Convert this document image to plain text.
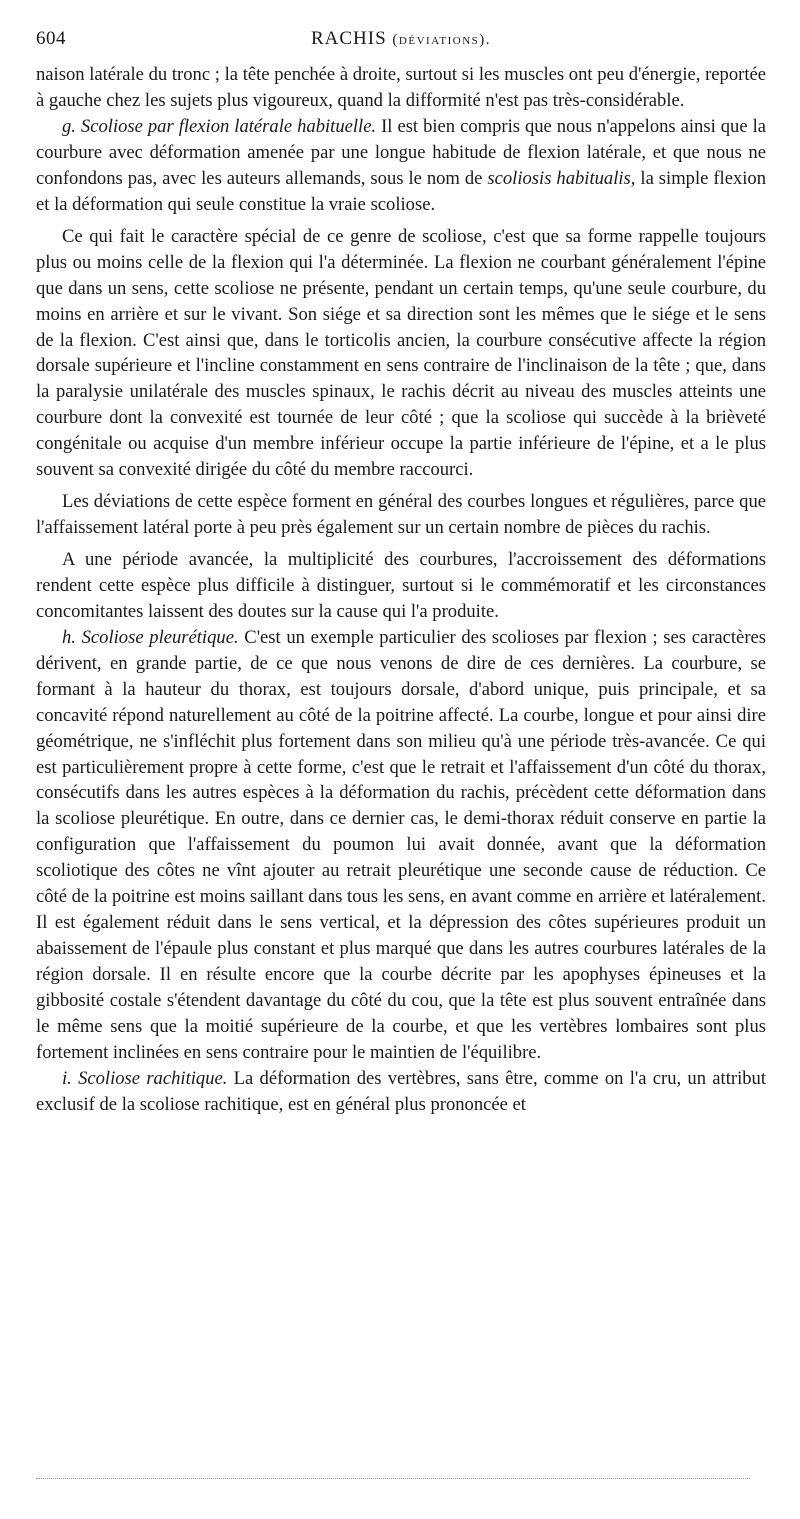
604	RACHIS (déviations).

naison latérale du tronc ; la tête penchée à droite, surtout si les muscles ont peu d'énergie, reportée à gauche chez les sujets plus vigoureux, quand la difformité n'est pas très-considérable.

g. Scoliose par flexion latérale habituelle. Il est bien compris que nous n'appelons ainsi que la courbure avec déformation amenée par une longue habitude de flexion latérale, et que nous ne confondons pas, avec les auteurs allemands, sous le nom de scoliosis habitualis, la simple flexion et la déformation qui seule constitue la vraie scoliose.

Ce qui fait le caractère spécial de ce genre de scoliose, c'est que sa forme rappelle toujours plus ou moins celle de la flexion qui l'a déterminée. La flexion ne courbant généralement l'épine que dans un sens, cette scoliose ne présente, pendant un certain temps, qu'une seule courbure, du moins en arrière et sur le vivant. Son siége et sa direction sont les mêmes que le siége et le sens de la flexion. C'est ainsi que, dans le torticolis ancien, la courbure consécutive affecte la région dorsale supérieure et l'incline constamment en sens contraire de l'inclinaison de la tête ; que, dans la paralysie unilatérale des muscles spinaux, le rachis décrit au niveau des muscles atteints une courbure dont la convexité est tournée de leur côté ; que la scoliose qui succède à la brièveté congénitale ou acquise d'un membre inférieur occupe la partie inférieure de l'épine, et a le plus souvent sa convexité dirigée du côté du membre raccourci.

Les déviations de cette espèce forment en général des courbes longues et régulières, parce que l'affaissement latéral porte à peu près également sur un certain nombre de pièces du rachis.

A une période avancée, la multiplicité des courbures, l'accroissement des déformations rendent cette espèce plus difficile à distinguer, surtout si le commémoratif et les circonstances concomitantes laissent des doutes sur la cause qui l'a produite.

h. Scoliose pleurétique. C'est un exemple particulier des scolioses par flexion ; ses caractères dérivent, en grande partie, de ce que nous venons de dire de ces dernières. La courbure, se formant à la hauteur du thorax, est toujours dorsale, d'abord unique, puis principale, et sa concavité répond naturellement au côté de la poitrine affecté. La courbe, longue et pour ainsi dire géométrique, ne s'infléchit plus fortement dans son milieu qu'à une période très-avancée. Ce qui est particulièrement propre à cette forme, c'est que le retrait et l'affaissement d'un côté du thorax, consécutifs dans les autres espèces à la déformation du rachis, précèdent cette déformation dans la scoliose pleurétique. En outre, dans ce dernier cas, le demi-thorax réduit conserve en partie la configuration que l'affaissement du poumon lui avait donnée, avant que la déformation scoliotique des côtes ne vînt ajouter au retrait pleurétique une seconde cause de réduction. Ce côté de la poitrine est moins saillant dans tous les sens, en avant comme en arrière et latéralement. Il est également réduit dans le sens vertical, et la dépression des côtes supérieures produit un abaissement de l'épaule plus constant et plus marqué que dans les autres courbures latérales de la région dorsale. Il en résulte encore que la courbe décrite par les apophyses épineuses et la gibbosité costale s'étendent davantage du côté du cou, que la tête est plus souvent entraînée dans le même sens que la moitié supérieure de la courbe, et que les vertèbres lombaires sont plus fortement inclinées en sens contraire pour le maintien de l'équilibre.

i. Scoliose rachitique. La déformation des vertèbres, sans être, comme on l'a cru, un attribut exclusif de la scoliose rachitique, est en général plus prononcée et
